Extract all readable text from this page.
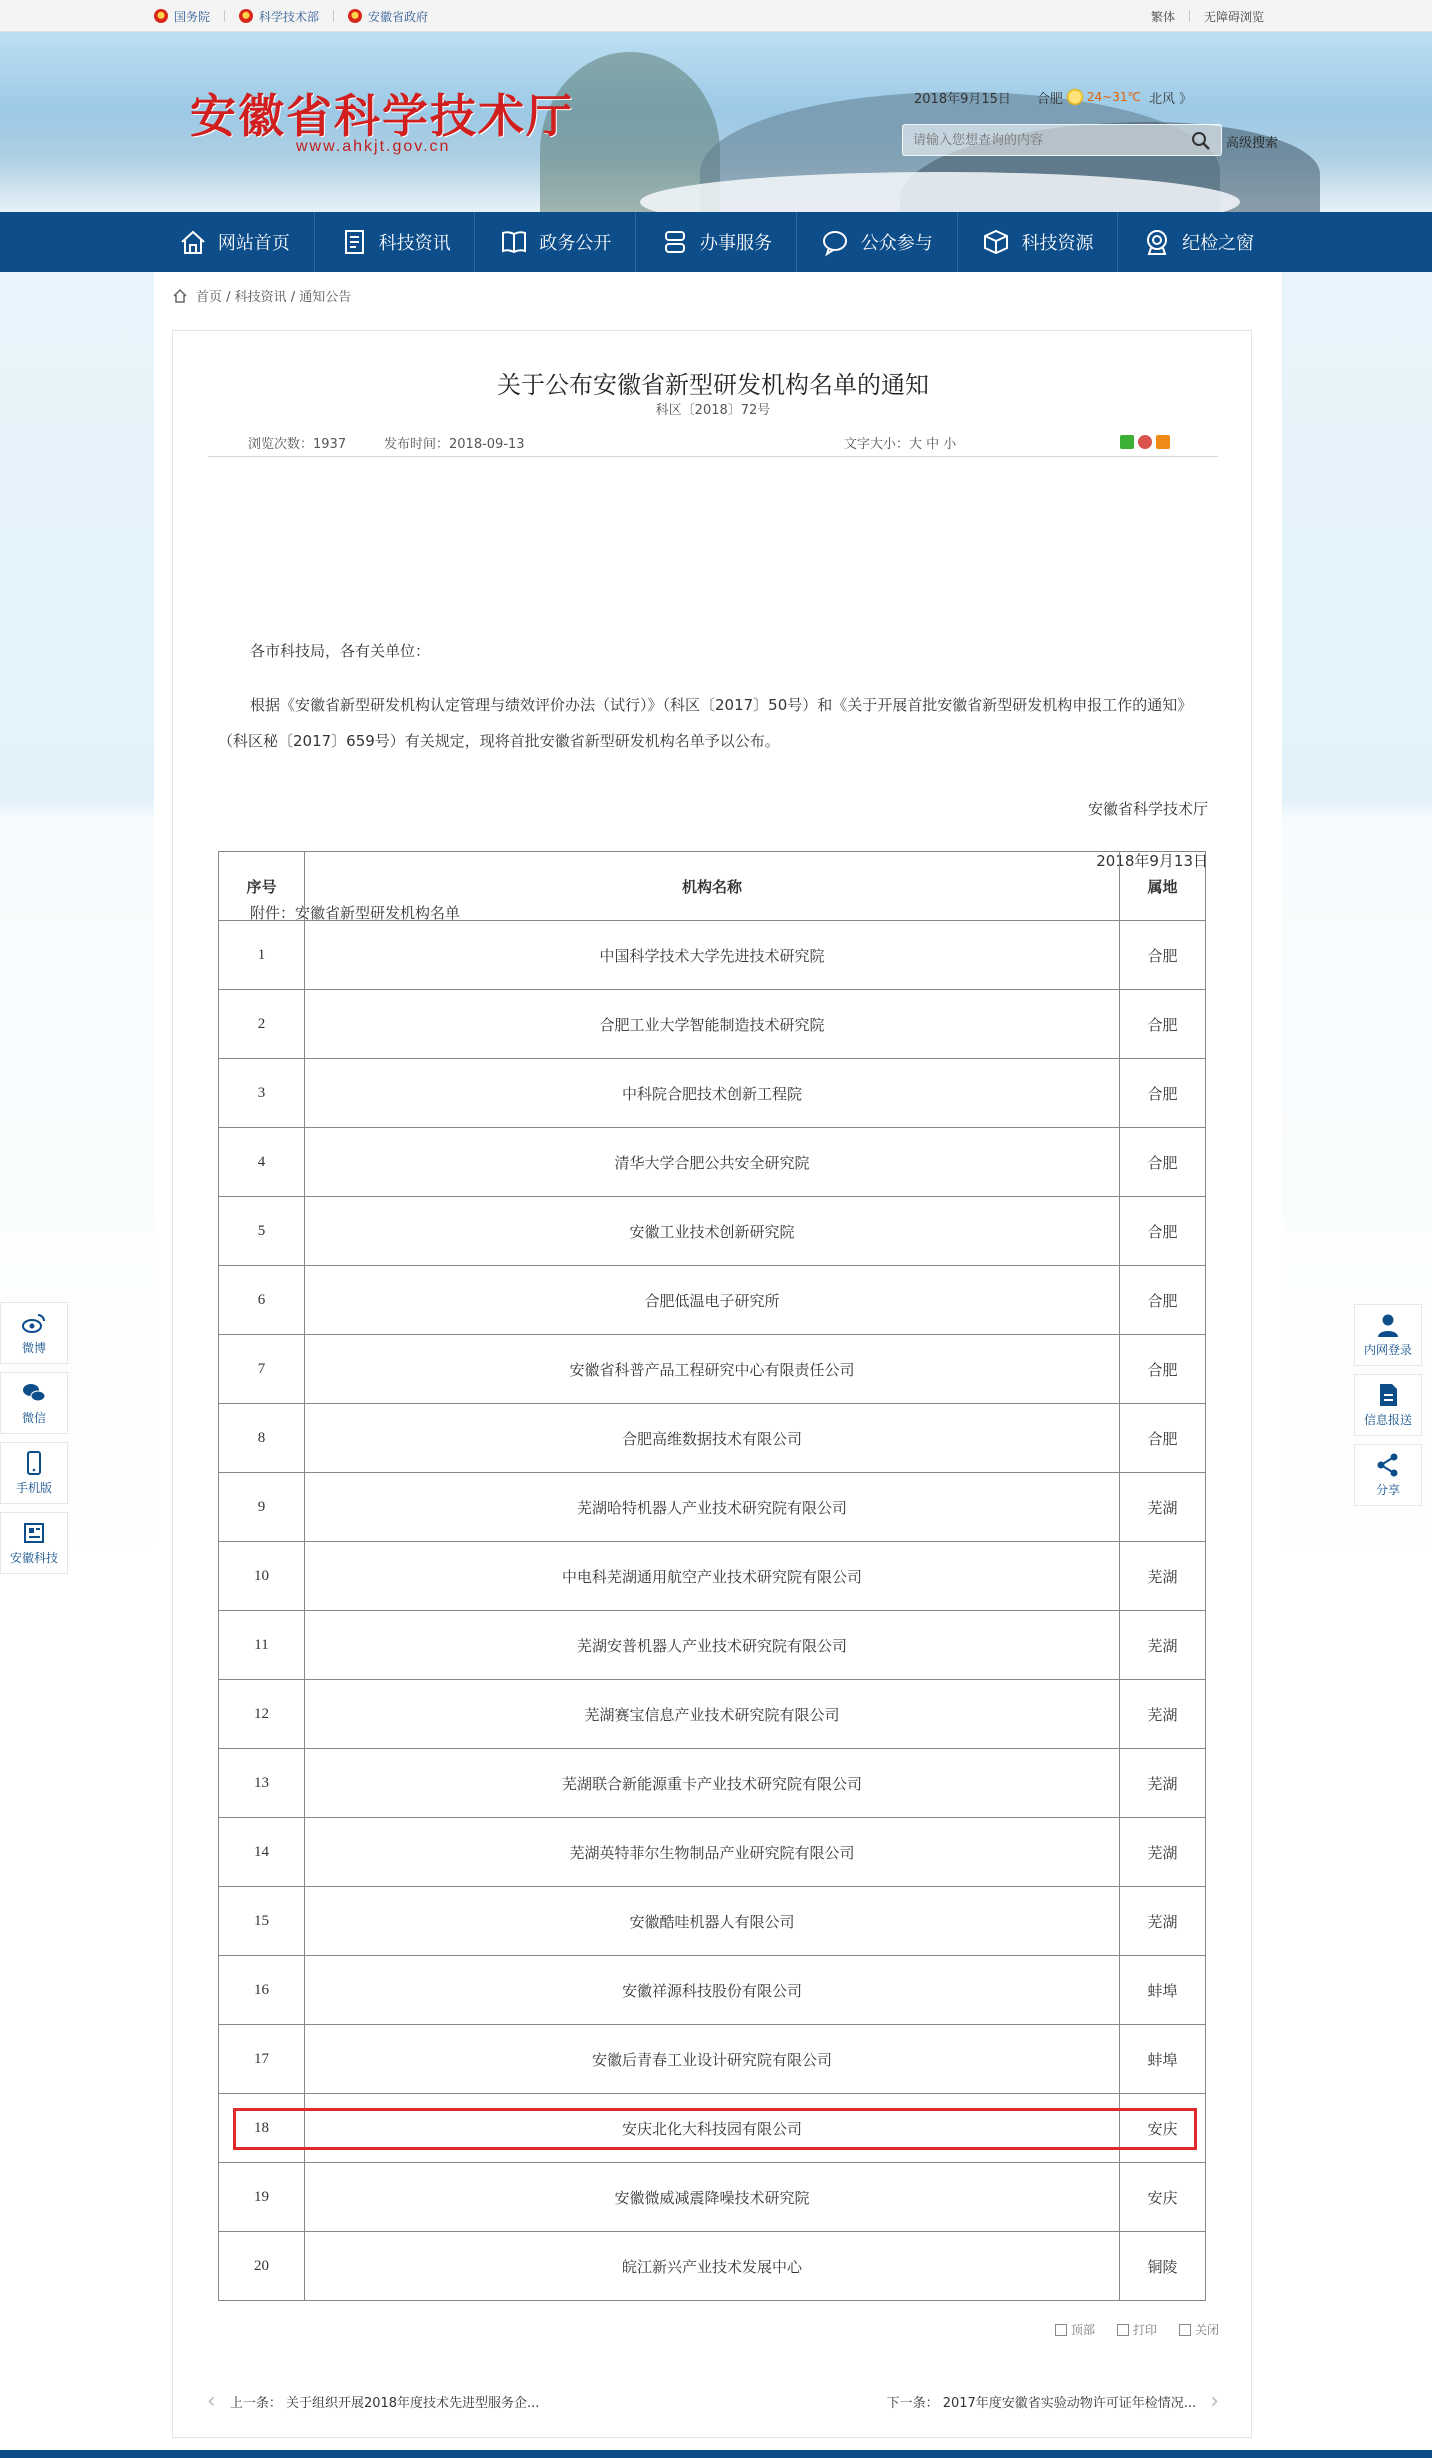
国务院	科学技术部	安徽省政府	繁体 无障碍浏览
安徽省科学技术厅
www.ahkjt.gov.cn
2018年9月15日 合肥 24~31℃ 北风 》
请输入您想查询的内容
高级搜索
网站首页	科技资讯	政务公开	办事服务	公众参与	科技资源	纪检之窗
首页 / 科技资讯 / 通知公告
关于公布安徽省新型研发机构名单的通知
科区〔2018〕72号
浏览次数：1937	发布时间：2018-09-13	文字大小：大 中 小
各市科技局，各有关单位：
根据《安徽省新型研发机构认定管理与绩效评价办法（试行）》（科区〔2017〕50号）和《关于开展首批安徽省新型研发机构申报工作的通知》（科区秘〔2017〕659号）有关规定，现将首批安徽省新型研发机构名单予以公布。
安徽省科学技术厅
2018年9月13日
附件：安徽省新型研发机构名单
序号	机构名称	属地
1	中国科学技术大学先进技术研究院	合肥
2	合肥工业大学智能制造技术研究院	合肥
3	中科院合肥技术创新工程院	合肥
4	清华大学合肥公共安全研究院	合肥
5	安徽工业技术创新研究院	合肥
6	合肥低温电子研究所	合肥
7	安徽省科普产品工程研究中心有限责任公司	合肥
8	合肥高维数据技术有限公司	合肥
9	芜湖哈特机器人产业技术研究院有限公司	芜湖
10	中电科芜湖通用航空产业技术研究院有限公司	芜湖
11	芜湖安普机器人产业技术研究院有限公司	芜湖
12	芜湖赛宝信息产业技术研究院有限公司	芜湖
13	芜湖联合新能源重卡产业技术研究院有限公司	芜湖
14	芜湖英特菲尔生物制品产业研究院有限公司	芜湖
15	安徽酷哇机器人有限公司	芜湖
16	安徽祥源科技股份有限公司	蚌埠
17	安徽后青春工业设计研究院有限公司	蚌埠
18	安庆北化大科技园有限公司	安庆
19	安徽微威减震降噪技术研究院	安庆
20	皖江新兴产业技术发展中心	铜陵
顶部	打印	关闭
‹ 上一条： 关于组织开展2018年度技术先进型服务企...	下一条： 2017年度安徽省实验动物许可证年检情况... ›
微博
微信
手机版
安徽科技
内网登录
信息报送
分享
